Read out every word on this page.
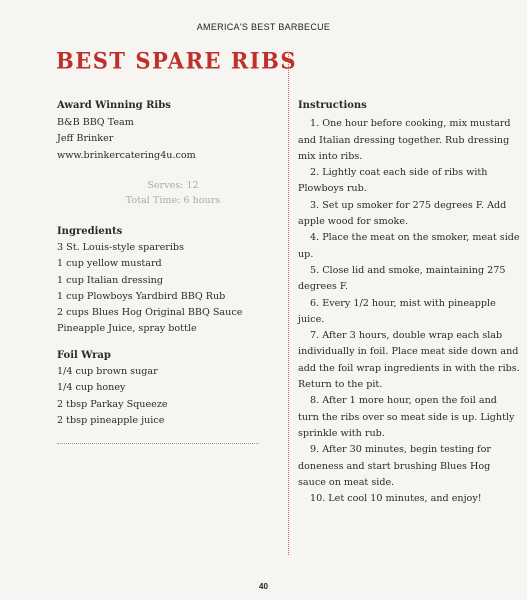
AMERICA'S BEST BARBECUE
BEST SPARE RIBS
Award Winning Ribs
B&B BBQ Team
Jeff Brinker
www.brinkercatering4u.com
Serves: 12
Total Time: 6 hours
Ingredients
3 St. Louis-style spareribs
1 cup yellow mustard
1 cup Italian dressing
1 cup Plowboys Yardbird BBQ Rub
2 cups Blues Hog Original BBQ Sauce
Pineapple Juice, spray bottle
Foil Wrap
1/4 cup brown sugar
1/4 cup honey
2 tbsp Parkay Squeeze
2 tbsp pineapple juice
Instructions

1. One hour before cooking, mix mustard and Italian dressing together. Rub dressing mix into ribs.

2. Lightly coat each side of ribs with Plowboys rub.

3. Set up smoker for 275 degrees F. Add apple wood for smoke.

4. Place the meat on the smoker, meat side up.

5. Close lid and smoke, maintaining 275 degrees F.

6. Every 1/2 hour, mist with pineapple juice.

7. After 3 hours, double wrap each slab individually in foil. Place meat side down and add the foil wrap ingredients in with the ribs. Return to the pit.

8. After 1 more hour, open the foil and turn the ribs over so meat side is up. Lightly sprinkle with rub.

9. After 30 minutes, begin testing for doneness and start brushing Blues Hog sauce on meat side.

10. Let cool 10 minutes, and enjoy!

40
